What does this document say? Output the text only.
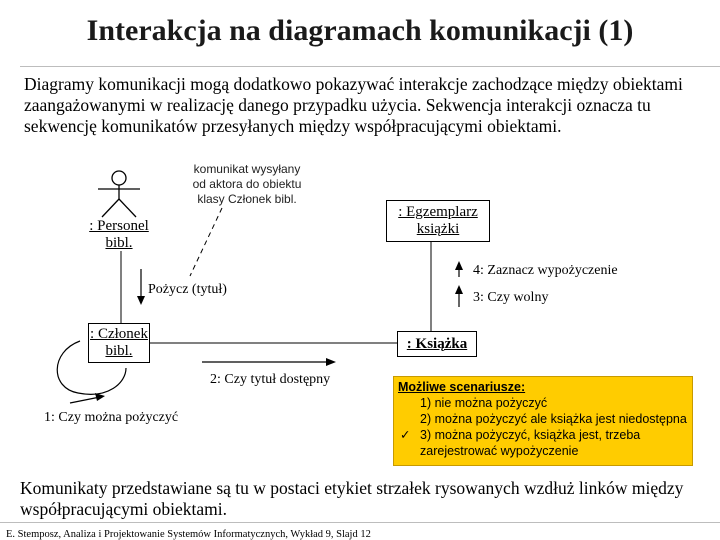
Interakcja na diagramach komunikacji (1)
Diagramy komunikacji mogą dodatkowo pokazywać interakcje zachodzące między obiektami zaangażowanymi w realizację danego przypadku użycia. Sekwencja interakcji oznacza tu sekwencję komunikatów przesyłanych między współpracującymi obiektami.
komunikat wysyłany od aktora do obiektu klasy Członek bibl.
: Personel
bibl.
: Egzemplarz
książki
: Członek
bibl.	: Książka
Pożycz (tytuł)
1: Czy można pożyczyć
2: Czy tytuł dostępny
3: Czy wolny
4: Zaznacz wypożyczenie
Możliwe scenariusze:
1) nie można pożyczyć
2) można pożyczyć ale książka jest niedostępna
✓ 3) można pożyczyć, książka jest, trzeba zarejestrować wypożyczenie
Komunikaty przedstawiane są tu w postaci etykiet strzałek rysowanych wzdłuż linków między współpracującymi obiektami.
E. Stemposz, Analiza i Projektowanie Systemów Informatycznych, Wykład 9, Slajd 12
